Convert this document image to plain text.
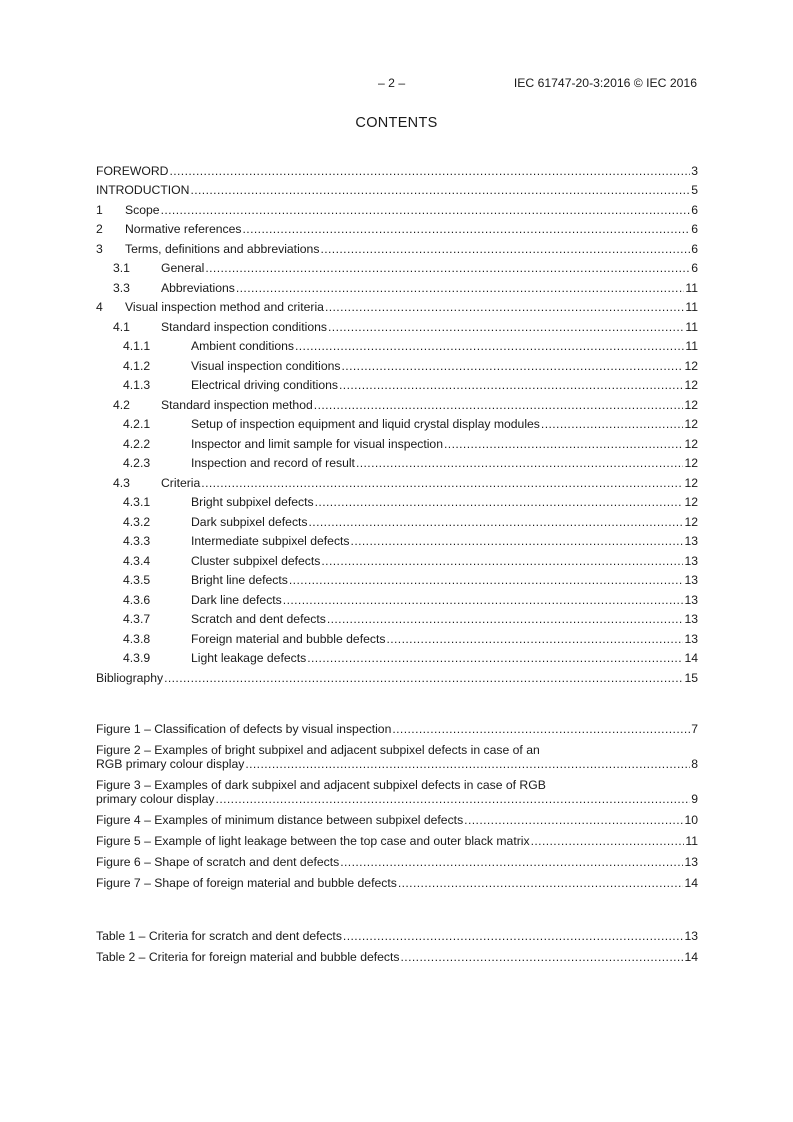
– 2 –	IEC 61747-20-3:2016 © IEC 2016
CONTENTS
FOREWORD .....	3
INTRODUCTION .....	5
1 Scope .....	6
2 Normative references .....	6
3 Terms, definitions and abbreviations .....	6
3.1	General .....	6
3.3	Abbreviations .....	11
4 Visual inspection method and criteria .....	11
4.1	Standard inspection conditions .....	11
4.1.1	Ambient conditions .....	11
4.1.2	Visual inspection conditions .....	12
4.1.3	Electrical driving conditions .....	12
4.2	Standard inspection method .....	12
4.2.1	Setup of inspection equipment and liquid crystal display modules .....	12
4.2.2	Inspector and limit sample for visual inspection .....	12
4.2.3	Inspection and record of result .....	12
4.3	Criteria .....	12
4.3.1	Bright subpixel defects .....	12
4.3.2	Dark subpixel defects .....	12
4.3.3	Intermediate subpixel defects .....	13
4.3.4	Cluster subpixel defects .....	13
4.3.5	Bright line defects .....	13
4.3.6	Dark line defects .....	13
4.3.7	Scratch and dent defects .....	13
4.3.8	Foreign material and bubble defects .....	13
4.3.9	Light leakage defects .....	14
Bibliography .....	15
Figure 1 – Classification of defects by visual inspection .....	7
Figure 2 – Examples of bright subpixel and adjacent subpixel defects in case of an
RGB primary colour display .....	8
Figure 3 – Examples of dark subpixel and adjacent subpixel defects in case of RGB
primary colour display .....	9
Figure 4 – Examples of minimum distance between subpixel defects .....	10
Figure 5 – Example of light leakage between the top case and outer black matrix .....	11
Figure 6 – Shape of scratch and dent defects .....	13
Figure 7 – Shape of foreign material and bubble defects .....	14
Table 1 – Criteria for scratch and dent defects .....	13
Table 2 – Criteria for foreign material and bubble defects .....	14
